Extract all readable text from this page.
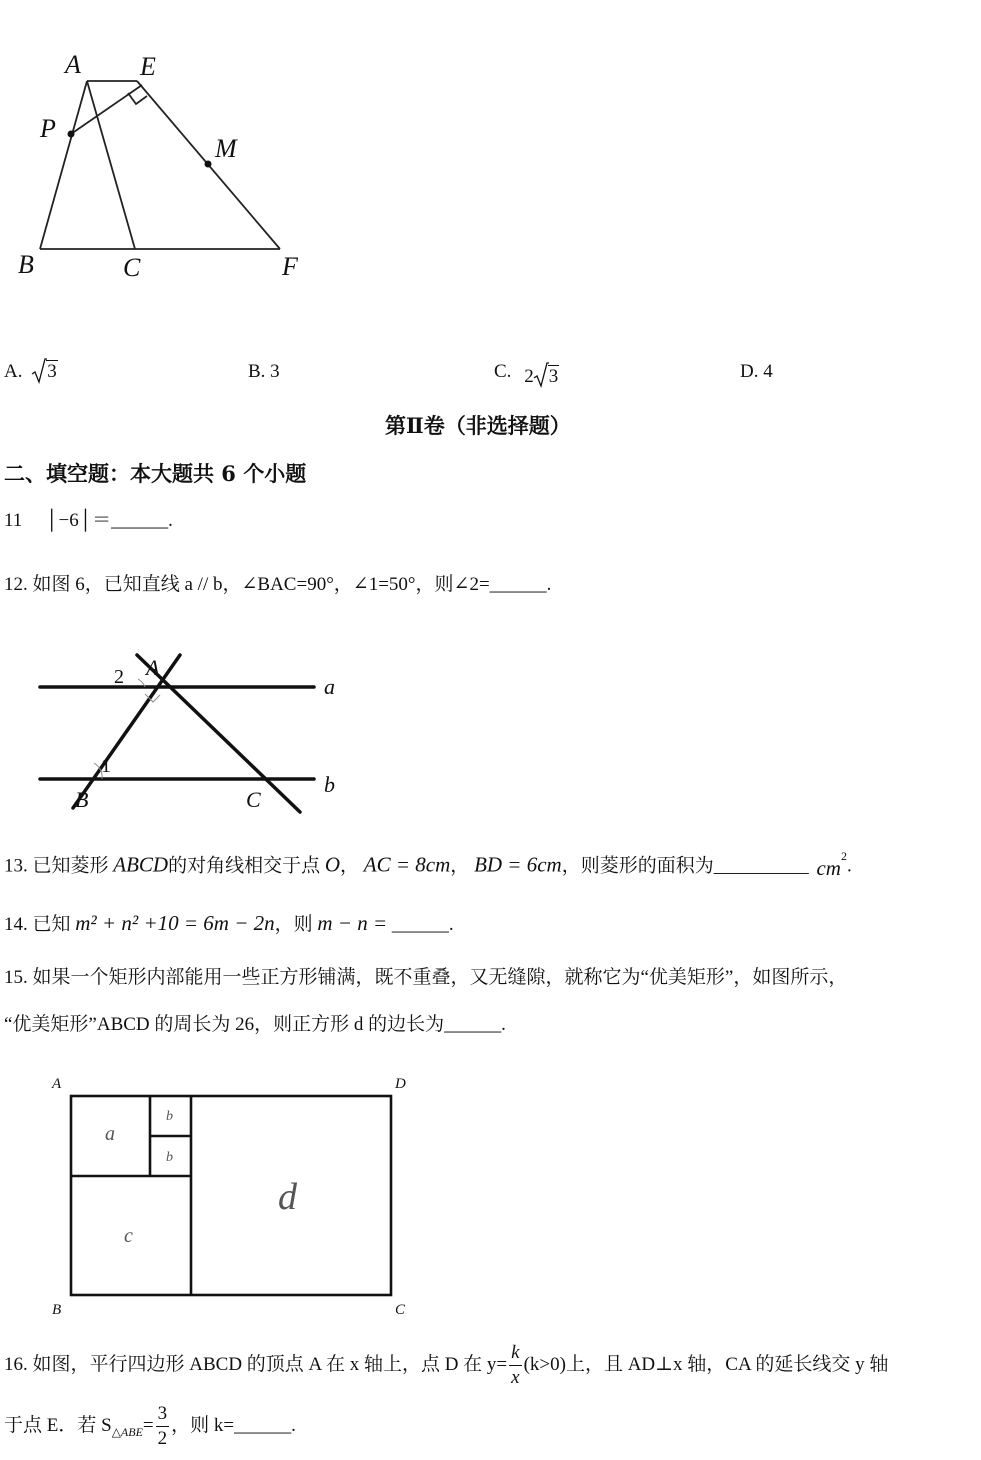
A E
P
M
B	C	F
A. 3	B. 3	C. 2 3	D. 4
第Ⅱ卷（非选择题）
二、填空题：本大题共 6 个小题
11 │−6│＝______.
12. 如图 6，已知直线 a // b，∠BAC=90°，∠1=50°，则∠2=______.
2 A
a
1
B	C
b
13. 已知菱形 ABCD的对角线相交于点 O， AC = 8cm， BD = 6cm，则菱形的面积为__________ $cm^2$.
14. 已知 m² + n² +10 = 6m − 2n，则 m − n = ______.
15. 如果一个矩形内部能用一些正方形铺满，既不重叠，又无缝隙，就称它为“优美矩形”，如图所示，
“优美矩形”ABCD 的周长为 26，则正方形 d 的边长为______.
A	D
B	C
a
b
b
c
d
16. 如图，平行四边形 ABCD 的顶点 A 在 x 轴上，点 D 在 $y= \frac{k}{x} (k>0)$上，且 AD⊥x 轴，CA 的延长线交 y 轴
于点 E．若 $S_{\triangle ABE}= \frac{3}{2}$ ，则 k=______.
